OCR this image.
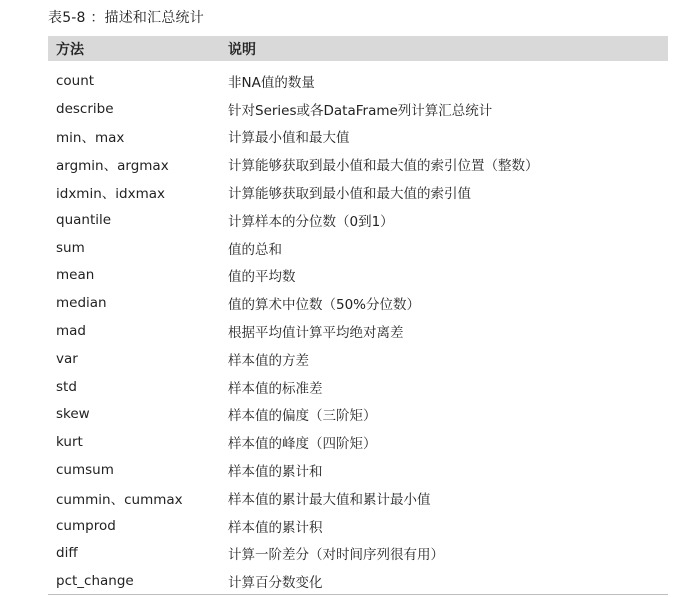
表5-8 ：描述和汇总统计
方法	说明
count	非NA值的数量
describe	针对Series或各DataFrame列计算汇总统计
min、max	计算最小值和最大值
argmin、argmax	计算能够获取到最小值和最大值的索引位置（整数）
idxmin、idxmax	计算能够获取到最小值和最大值的索引值
quantile	计算样本的分位数（0到1）
sum	值的总和
mean	值的平均数
median	值的算术中位数（50%分位数）
mad	根据平均值计算平均绝对离差
var	样本值的方差
std	样本值的标准差
skew	样本值的偏度（三阶矩）
kurt	样本值的峰度（四阶矩）
cumsum	样本值的累计和
cummin、cummax	样本值的累计最大值和累计最小值
cumprod	样本值的累计积
diff	计算一阶差分（对时间序列很有用）
pct_change	计算百分数变化
